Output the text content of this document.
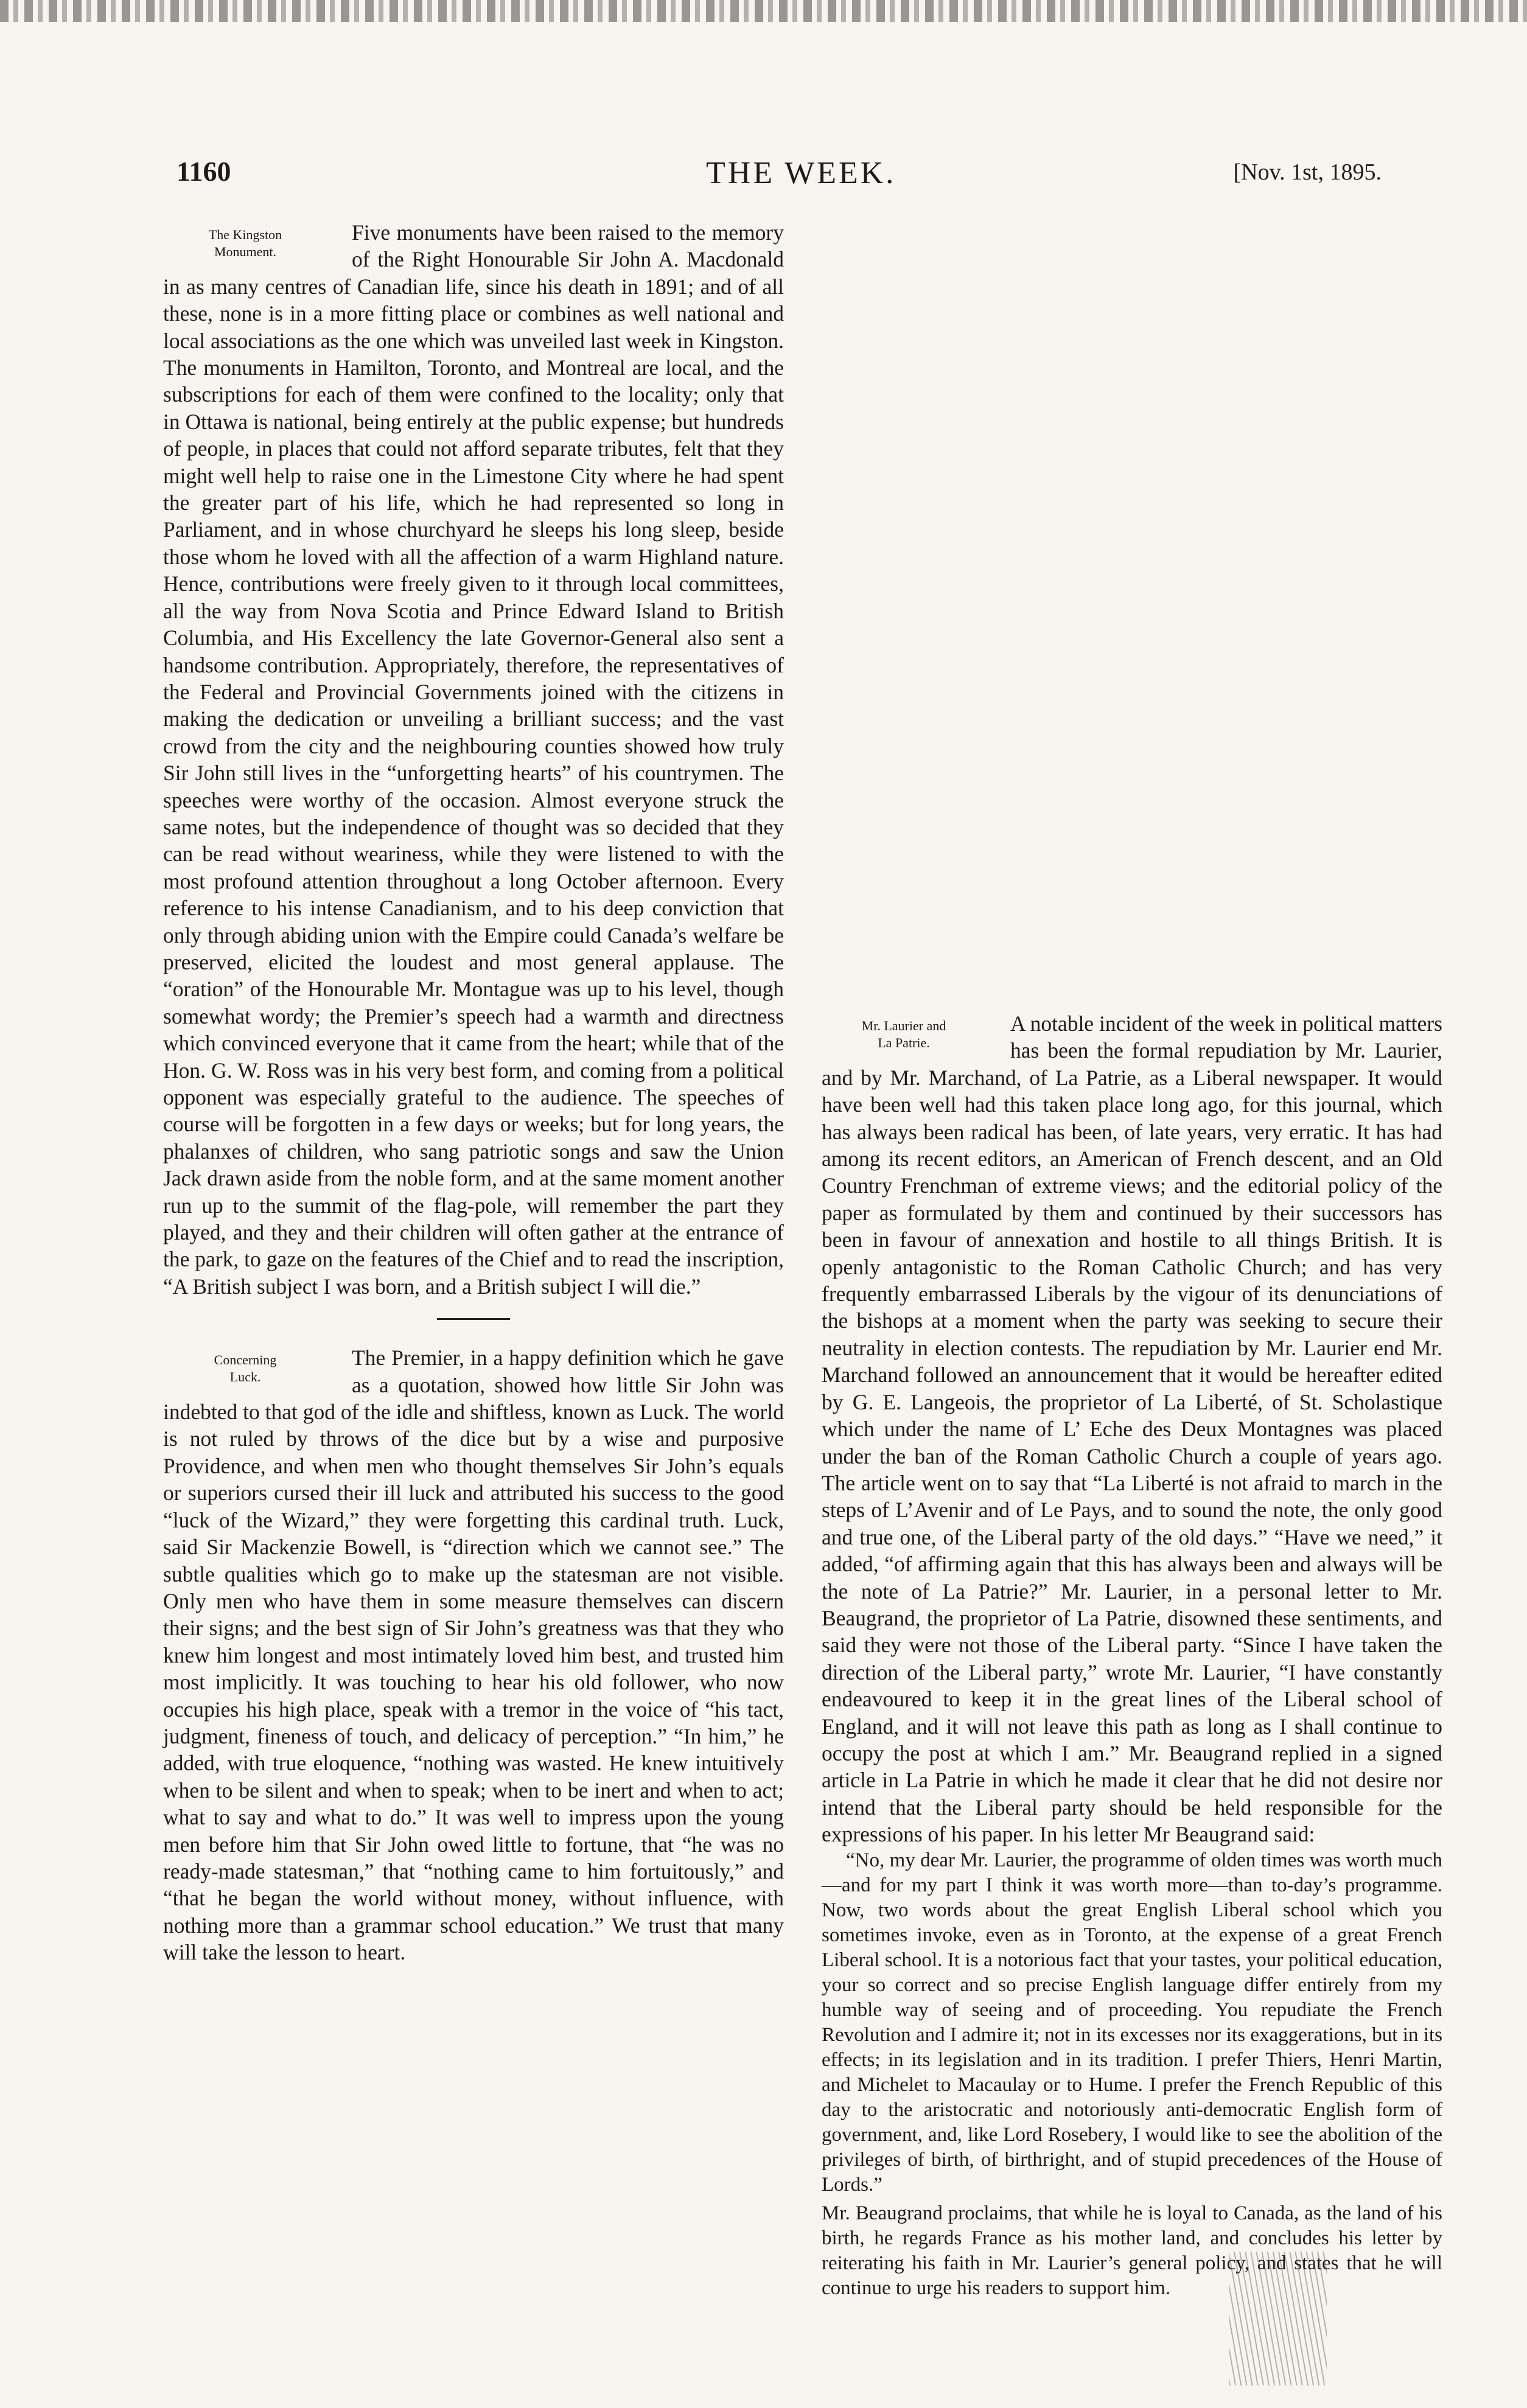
1160	THE WEEK.	[Nov. 1st, 1895.
The Kingston
Monument.

Five monuments have been raised to the memory of the Right Honourable Sir John A. Macdonald in as many centres of Canadian life, since his death in 1891; and of all these, none is in a more fitting place or combines as well national and local associations as the one which was unveiled last week in Kingston. The monuments in Hamilton, Toronto, and Montreal are local, and the subscriptions for each of them were confined to the locality; only that in Ottawa is national, being entirely at the public expense; but hundreds of people, in places that could not afford separate tributes, felt that they might well help to raise one in the Limestone City where he had spent the greater part of his life, which he had represented so long in Parliament, and in whose churchyard he sleeps his long sleep, beside those whom he loved with all the affection of a warm Highland nature. Hence, contributions were freely given to it through local committees, all the way from Nova Scotia and Prince Edward Island to British Columbia, and His Excellency the late Governor-General also sent a handsome contribution. Appropriately, therefore, the representatives of the Federal and Provincial Governments joined with the citizens in making the dedication or unveiling a brilliant success; and the vast crowd from the city and the neighbouring counties showed how truly Sir John still lives in the “unforgetting hearts” of his countrymen. The speeches were worthy of the occasion. Almost everyone struck the same notes, but the independence of thought was so decided that they can be read without weariness, while they were listened to with the most profound attention throughout a long October afternoon. Every reference to his intense Canadianism, and to his deep conviction that only through abiding union with the Empire could Canada’s welfare be preserved, elicited the loudest and most general applause. The “oration” of the Honourable Mr. Montague was up to his level, though somewhat wordy; the Premier’s speech had a warmth and directness which convinced everyone that it came from the heart; while that of the Hon. G. W. Ross was in his very best form, and coming from a political opponent was especially grateful to the audience. The speeches of course will be forgotten in a few days or weeks; but for long years, the phalanxes of children, who sang patriotic songs and saw the Union Jack drawn aside from the noble form, and at the same moment another run up to the summit of the flag-pole, will remember the part they played, and they and their children will often gather at the entrance of the park, to gaze on the features of the Chief and to read the inscription, “A British subject I was born, and a British subject I will die.”

Concerning
Luck.

The Premier, in a happy definition which he gave as a quotation, showed how little Sir John was indebted to that god of the idle and shiftless, known as Luck. The world is not ruled by throws of the dice but by a wise and purposive Providence, and when men who thought themselves Sir John’s equals or superiors cursed their ill luck and attributed his success to the good “luck of the Wizard,” they were forgetting this cardinal truth. Luck, said Sir Mackenzie Bowell, is “direction which we cannot see.” The subtle qualities which go to make up the statesman are not visible. Only men who have them in some measure themselves can discern their signs; and the best sign of Sir John’s greatness was that they who knew him longest and most intimately loved him best, and trusted him most implicitly. It was touching to hear his old follower, who now occupies his high place, speak with a tremor in the voice of “his tact, judgment, fineness of touch, and delicacy of perception.” “In him,” he added, with true eloquence, “nothing was wasted. He knew intuitively when to be silent and when to speak; when to be inert and when to act; what to say and what to do.” It was well to impress upon the young men before him that Sir John owed little to fortune, that “he was no ready-made statesman,” that “nothing came to him fortuitously,” and “that he began the world without money, without influence, with nothing more than a grammar school education.” We trust that many will take the lesson to heart.

Mr. Laurier and
La Patrie.

A notable incident of the week in political matters has been the formal repudiation by Mr. Laurier, and by Mr. Marchand, of La Patrie, as a Liberal newspaper. It would have been well had this taken place long ago, for this journal, which has always been radical has been, of late years, very erratic. It has had among its recent editors, an American of French descent, and an Old Country Frenchman of extreme views; and the editorial policy of the paper as formulated by them and continued by their successors has been in favour of annexation and hostile to all things British. It is openly antagonistic to the Roman Catholic Church; and has very frequently embarrassed Liberals by the vigour of its denunciations of the bishops at a moment when the party was seeking to secure their neutrality in election contests. The repudiation by Mr. Laurier end Mr. Marchand followed an announcement that it would be hereafter edited by G. E. Langeois, the proprietor of La Liberté, of St. Scholastique which under the name of L’ Eche des Deux Montagnes was placed under the ban of the Roman Catholic Church a couple of years ago. The article went on to say that “La Liberté is not afraid to march in the steps of L’Avenir and of Le Pays, and to sound the note, the only good and true one, of the Liberal party of the old days.” “Have we need,” it added, “of affirming again that this has always been and always will be the note of La Patrie?” Mr. Laurier, in a personal letter to Mr. Beaugrand, the proprietor of La Patrie, disowned these sentiments, and said they were not those of the Liberal party. “Since I have taken the direction of the Liberal party,” wrote Mr. Laurier, “I have constantly endeavoured to keep it in the great lines of the Liberal school of England, and it will not leave this path as long as I shall continue to occupy the post at which I am.” Mr. Beaugrand replied in a signed article in La Patrie in which he made it clear that he did not desire nor intend that the Liberal party should be held responsible for the expressions of his paper. In his letter Mr Beaugrand said:

“No, my dear Mr. Laurier, the programme of olden times was worth much—and for my part I think it was worth more—than to-day’s programme. Now, two words about the great English Liberal school which you sometimes invoke, even as in Toronto, at the expense of a great French Liberal school. It is a notorious fact that your tastes, your political education, your so correct and so precise English language differ entirely from my humble way of seeing and of proceeding. You repudiate the French Revolution and I admire it; not in its excesses nor its exaggerations, but in its effects; in its legislation and in its tradition. I prefer Thiers, Henri Martin, and Michelet to Macaulay or to Hume. I prefer the French Republic of this day to the aristocratic and notoriously anti-democratic English form of government, and, like Lord Rosebery, I would like to see the abolition of the privileges of birth, of birthright, and of stupid precedences of the House of Lords.”

Mr. Beaugrand proclaims, that while he is loyal to Canada, as the land of his birth, he regards France as his mother land, and concludes his letter by reiterating his faith in Mr. Laurier’s general policy, and states that he will continue to urge his readers to support him.
